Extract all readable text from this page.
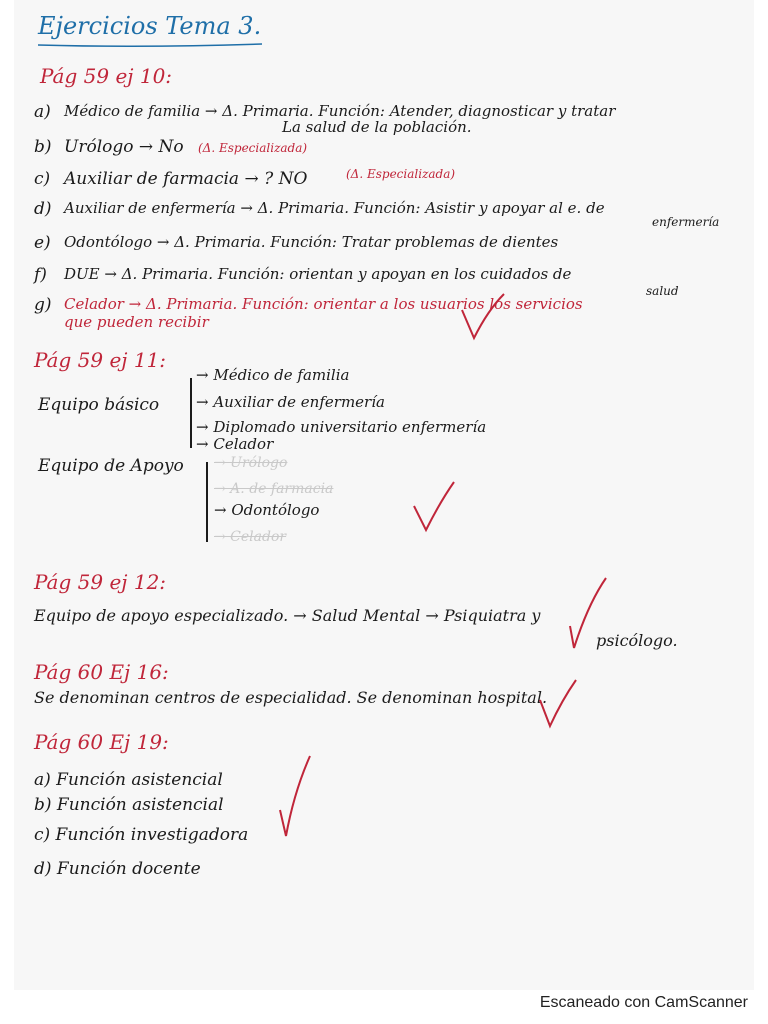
Ejercicios Tema 3.
Pág 59 ej 10:
a) Médico de familia → Δ. Primaria. Función: Atender, diagnosticar y tratar
La salud de la población.
b) Urólogo → No (Δ. Especializada)
c) Auxiliar de farmacia → ? NO	(Δ. Especializada)
d) Auxiliar de enfermería → Δ. Primaria. Función: Asistir y apoyar al e. de
enfermería
e) Odontólogo → Δ. Primaria. Función: Tratar problemas de dientes
f) DUE → Δ. Primaria. Función: orientan y apoyan en los cuidados de
salud
g) Celador → Δ. Primaria. Función: orientar a los usuarios los servicios
que pueden recibir
Pág 59 ej 11:
Equipo básico
→ Médico de familia
→ Auxiliar de enfermería
→ Diplomado universitario enfermería
→ Celador
Equipo de Apoyo → Urólogo
→ A. de farmacia
→ Odontólogo
→ Celador
Pág 59 ej 12:
Equipo de apoyo especializado. → Salud Mental → Psiquiatra y
psicólogo.
Pág 60 Ej 16:
Se denominan centros de especialidad. Se denominan hospital.
Pág 60 Ej 19:
a) Función asistencial
b) Función asistencial
c) Función investigadora
d) Función docente
Escaneado con CamScanner
